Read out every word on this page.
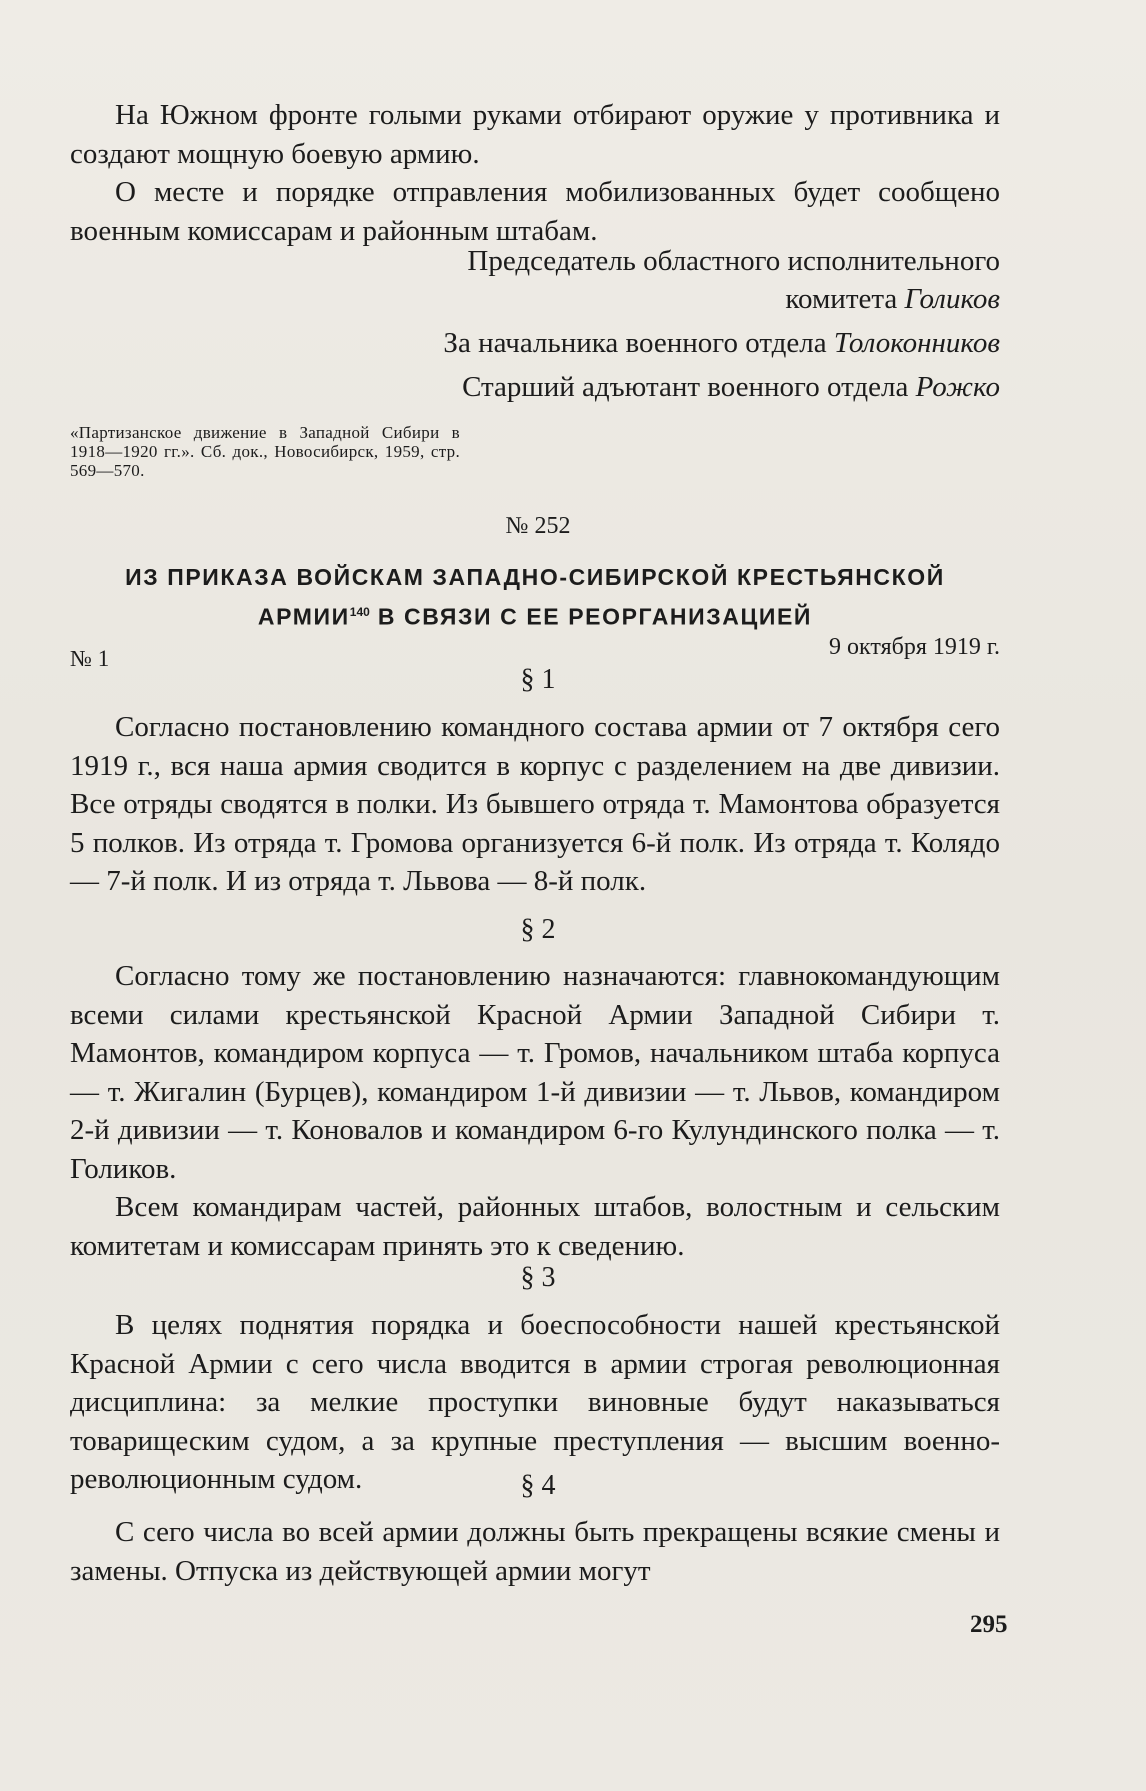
На Южном фронте голыми руками отбирают оружие у противника и создают мощную боевую армию.

О месте и порядке отправления мобилизованных будет сообщено военным комиссарам и районным штабам.

Председатель областного исполнительного
комитета Голиков
За начальника военного отдела Толоконников
Старший адъютант военного отдела Рожко
«Партизанское движение в Западной Сибири в 1918—1920 гг.». Сб. док., Новосибирск, 1959, стр. 569—570.
№ 252
ИЗ ПРИКАЗА ВОЙСКАМ ЗАПАДНО-СИБИРСКОЙ КРЕСТЬЯНСКОЙ
АРМИИ$^{140}$ В СВЯЗИ С ЕЕ РЕОРГАНИЗАЦИЕЙ
№ 1	9 октября 1919 г.
§ 1

Согласно постановлению командного состава армии от 7 октября сего 1919 г., вся наша армия сводится в корпус с разделением на две дивизии. Все отряды сводятся в полки. Из бывшего отряда т. Мамонтова образуется 5 полков. Из отряда т. Громова организуется 6-й полк. Из отряда т. Колядо — 7-й полк. И из отряда т. Львова — 8-й полк.

§ 2

Согласно тому же постановлению назначаются: главнокомандующим всеми силами крестьянской Красной Армии Западной Сибири т. Мамонтов, командиром корпуса — т. Громов, начальником штаба корпуса — т. Жигалин (Бурцев), командиром 1-й дивизии — т. Львов, командиром 2-й дивизии — т. Коновалов и командиром 6-го Кулундинского полка — т. Голиков.

Всем командирам частей, районных штабов, волостным и сельским комитетам и комиссарам принять это к сведению.

§ 3

В целях поднятия порядка и боеспособности нашей крестьянской Красной Армии с сего числа вводится в армии строгая революционная дисциплина: за мелкие проступки виновные будут наказываться товарищеским судом, а за крупные преступления — высшим военно-революционным судом.	§ 4

С сего числа во всей армии должны быть прекращены всякие смены и замены. Отпуска из действующей армии могут

295
